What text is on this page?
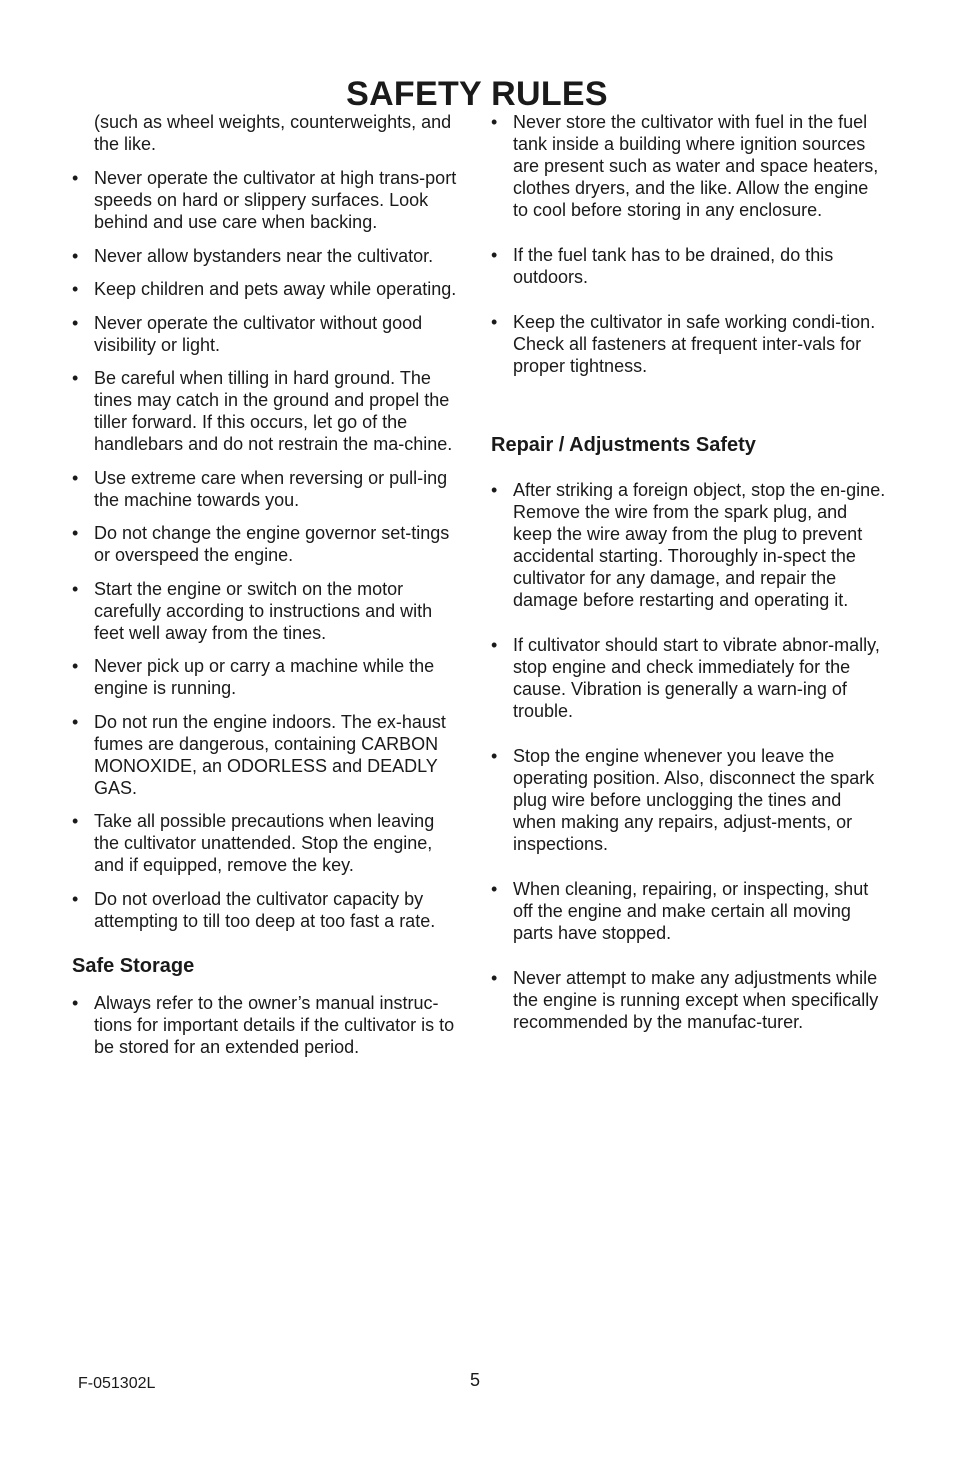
SAFETY RULES

(such as wheel weights, counterweights, and the like.

• Never operate the cultivator at high trans-port speeds on hard or slippery surfaces. Look behind and use care when backing.
• Never allow bystanders near the cultivator.
• Keep children and pets away while operating.
• Never operate the cultivator without good visibility or light.
• Be careful when tilling in hard ground. The tines may catch in the ground and propel the tiller forward. If this occurs, let go of the handlebars and do not restrain the ma-chine.
• Use extreme care when reversing or pull-ing the machine towards you.
• Do not change the engine governor set-tings or overspeed the engine.
• Start the engine or switch on the motor carefully according to instructions and with feet well away from the tines.
• Never pick up or carry a machine while the engine is running.
• Do not run the engine indoors. The ex-haust fumes are dangerous, containing CARBON MONOXIDE, an ODORLESS and DEADLY GAS.
• Take all possible precautions when leaving the cultivator unattended. Stop the engine, and if equipped, remove the key.
• Do not overload the cultivator capacity by attempting to till too deep at too fast a rate.
Safe Storage
• Always refer to the owner’s manual instruc-tions for important details if the cultivator is to be stored for an extended period.
• Never store the cultivator with fuel in the fuel tank inside a building where ignition sources are present such as water and space heaters, clothes dryers, and the like. Allow the engine to cool before storing in any enclosure.
• If the fuel tank has to be drained, do this outdoors.
• Keep the cultivator in safe working condi-tion. Check all fasteners at frequent inter-vals for proper tightness.
Repair / Adjustments Safety
• After striking a foreign object, stop the en-gine. Remove the wire from the spark plug, and keep the wire away from the plug to prevent accidental starting. Thoroughly in-spect the cultivator for any damage, and repair the damage before restarting and operating it.
• If cultivator should start to vibrate abnor-mally, stop engine and check immediately for the cause. Vibration is generally a warn-ing of trouble.
• Stop the engine whenever you leave the operating position. Also, disconnect the spark plug wire before unclogging the tines and when making any repairs, adjust-ments, or inspections.
• When cleaning, repairing, or inspecting, shut off the engine and make certain all moving parts have stopped.
• Never attempt to make any adjustments while the engine is running except when specifically recommended by the manufac-turer.
F-051302L	5
